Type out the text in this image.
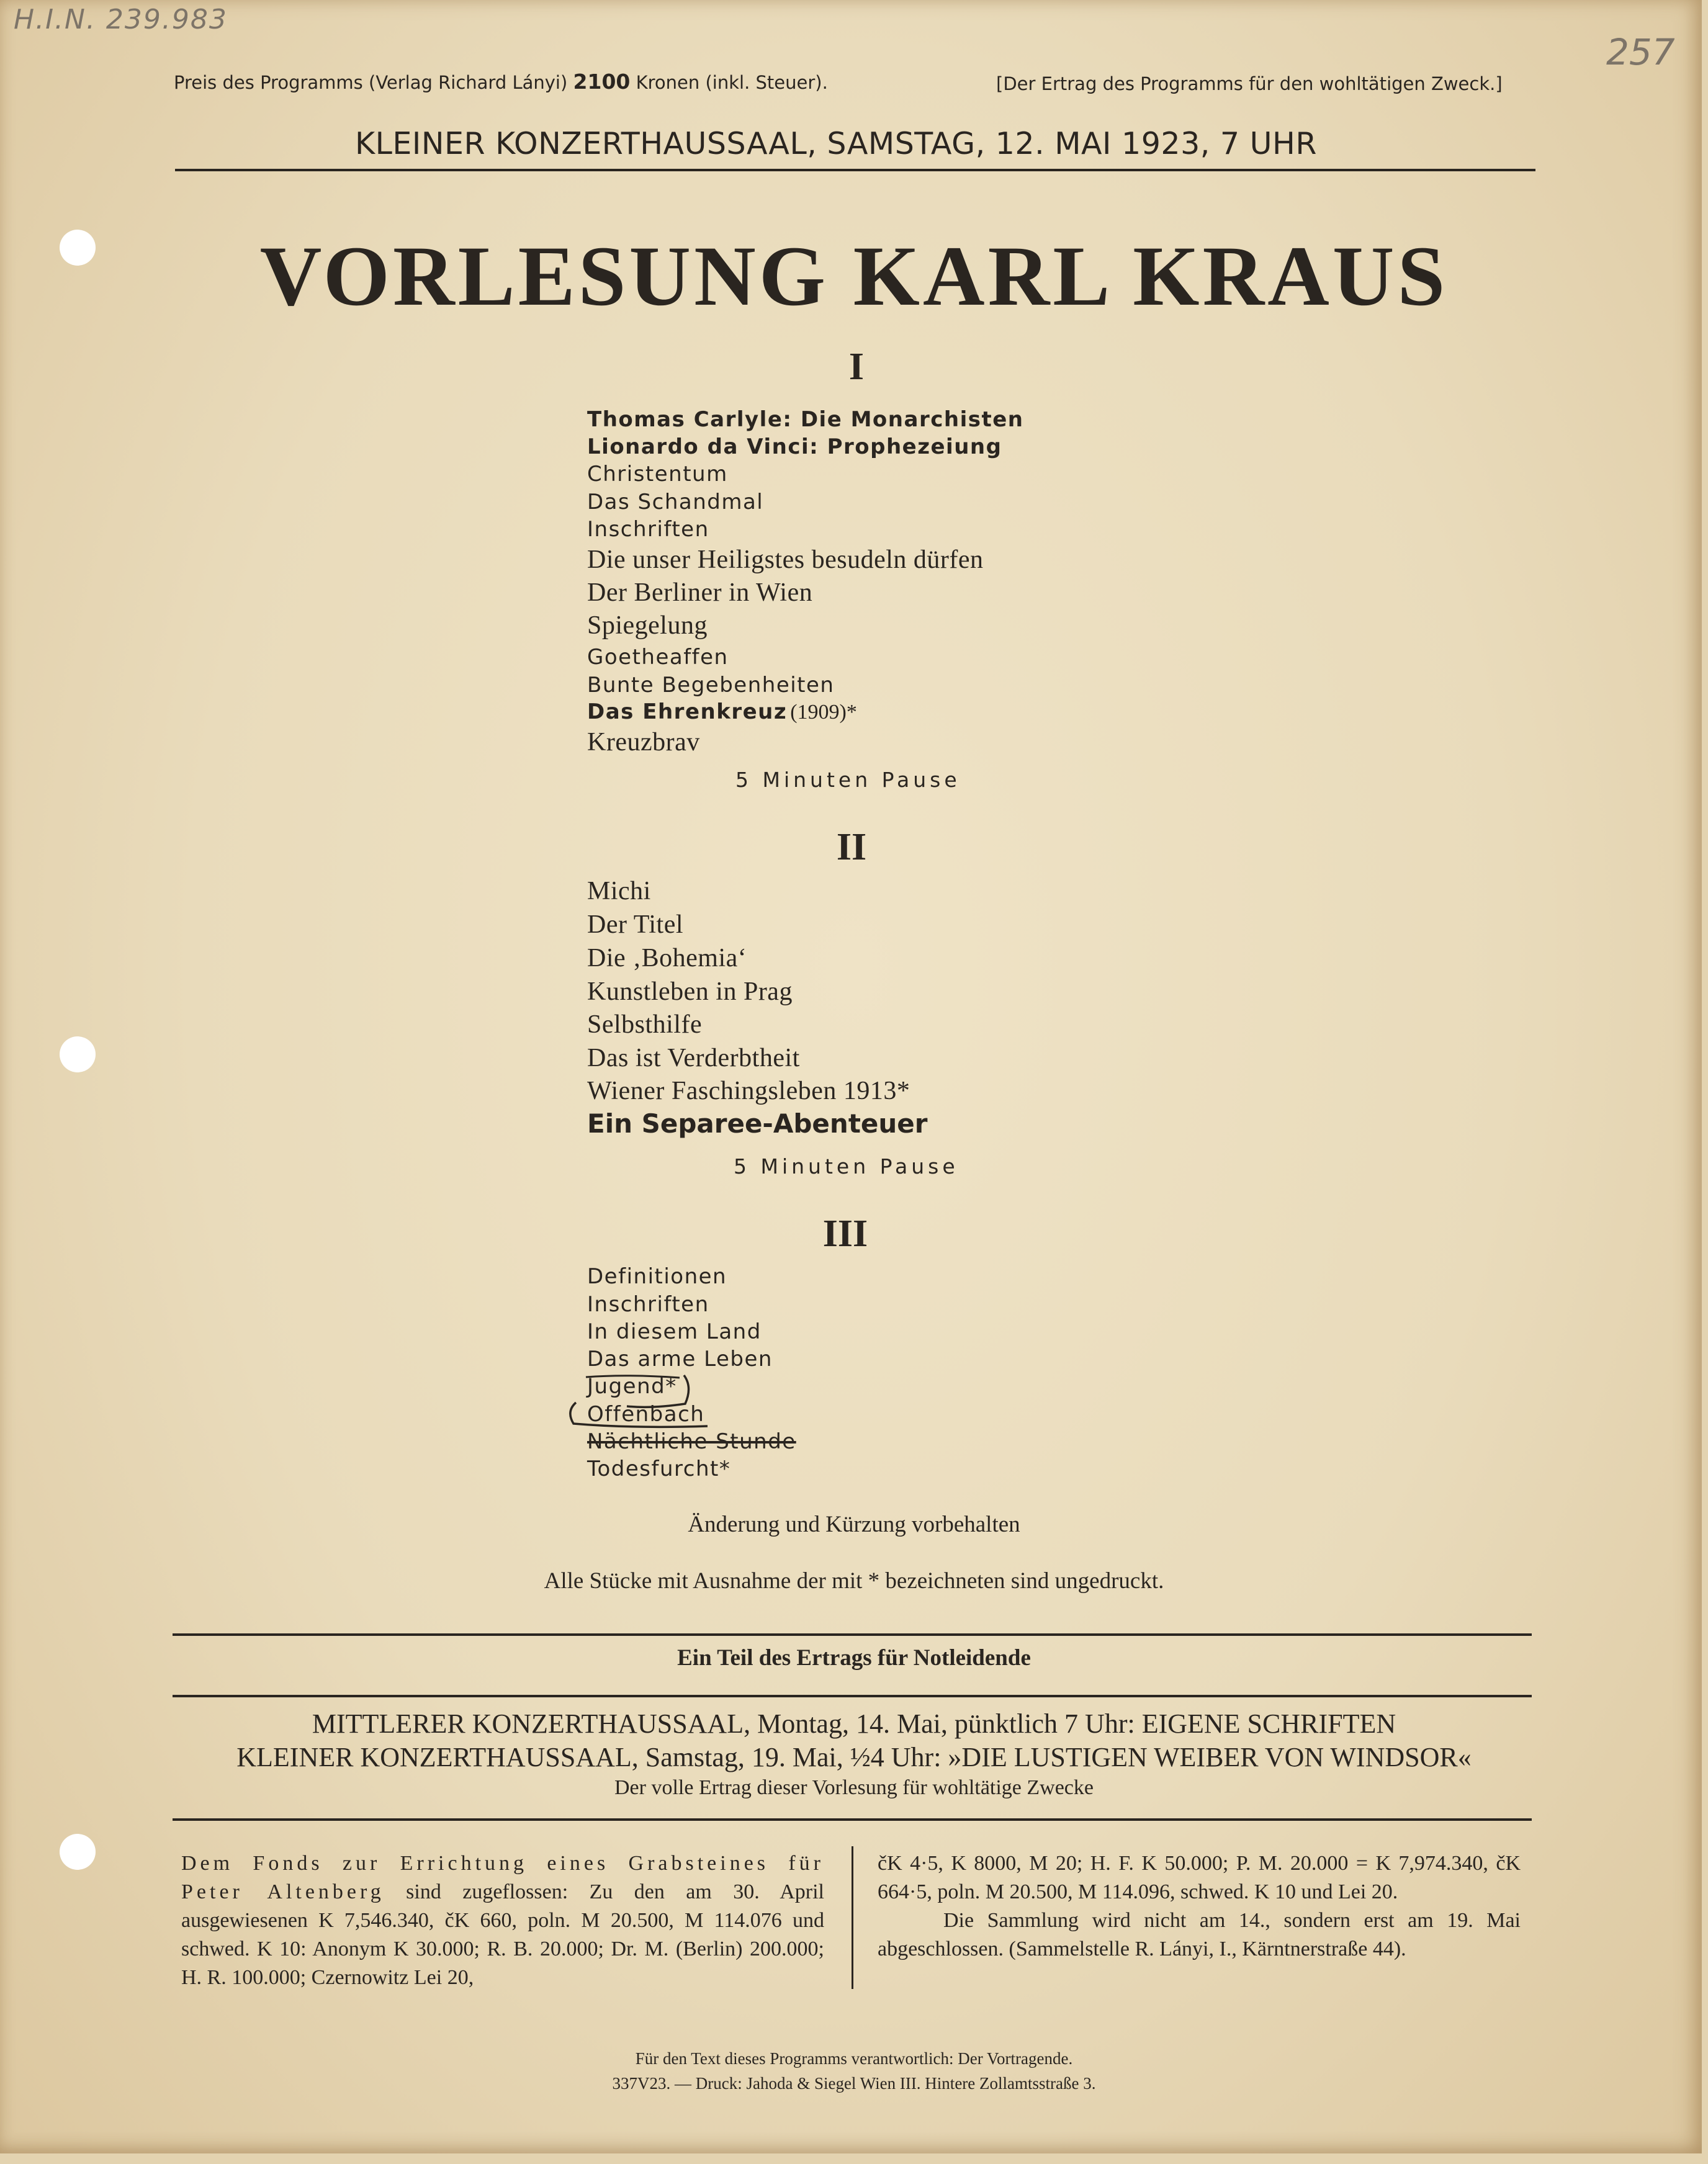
H.I.N. 239.983
257
Preis des Programms (Verlag Richard Lányi) 2100 Kronen (inkl. Steuer).	[Der Ertrag des Programms für den wohltätigen Zweck.]
KLEINER KONZERTHAUSSAAL, SAMSTAG, 12. MAI 1923, 7 UHR
VORLESUNG KARL KRAUS
I
Thomas Carlyle: Die Monarchisten
Lionardo da Vinci: Prophezeiung
Christentum
Das Schandmal
Inschriften
Die unser Heiligstes besudeln dürfen
Der Berliner in Wien
Spiegelung
Goetheaffen
Bunte Begebenheiten
Das Ehrenkreuz (1909)*
Kreuzbrav
5 Minuten Pause
II
Michi
Der Titel
Die ‚Bohemia‘
Kunstleben in Prag
Selbsthilfe
Das ist Verderbtheit
Wiener Faschingsleben 1913*
Ein Separee-Abenteuer
5 Minuten Pause
III
Definitionen
Inschriften
In diesem Land
Das arme Leben
Jugend*
Offenbach
Nächtliche Stunde
Todesfurcht*
Änderung und Kürzung vorbehalten
Alle Stücke mit Ausnahme der mit * bezeichneten sind ungedruckt.
Ein Teil des Ertrags für Notleidende
MITTLERER KONZERTHAUSSAAL, Montag, 14. Mai, pünktlich 7 Uhr: EIGENE SCHRIFTEN
KLEINER KONZERTHAUSSAAL, Samstag, 19. Mai, ½4 Uhr: »DIE LUSTIGEN WEIBER VON WINDSOR«
Der volle Ertrag dieser Vorlesung für wohltätige Zwecke
Dem Fonds zur Errichtung eines Grabsteines für Peter Altenberg sind zugeflossen: Zu den am 30. April ausgewiesenen K 7,546.340, čK 660, poln. M 20.500, M 114.076 und schwed. K 10: Anonym K 30.000; R. B. 20.000; Dr. M. (Berlin) 200.000; H. R. 100.000; Czernowitz Lei 20,
čK 4·5, K 8000, M 20; H. F. K 50.000; P. M. 20.000 = K 7,974.340, čK 664·5, poln. M 20.500, M 114.096, schwed. K 10 und Lei 20.
Die Sammlung wird nicht am 14., sondern erst am 19. Mai abgeschlossen. (Sammelstelle R. Lányi, I., Kärntnerstraße 44).
Für den Text dieses Programms verantwortlich: Der Vortragende.
337V23. — Druck: Jahoda & Siegel Wien III. Hintere Zollamtsstraße 3.
